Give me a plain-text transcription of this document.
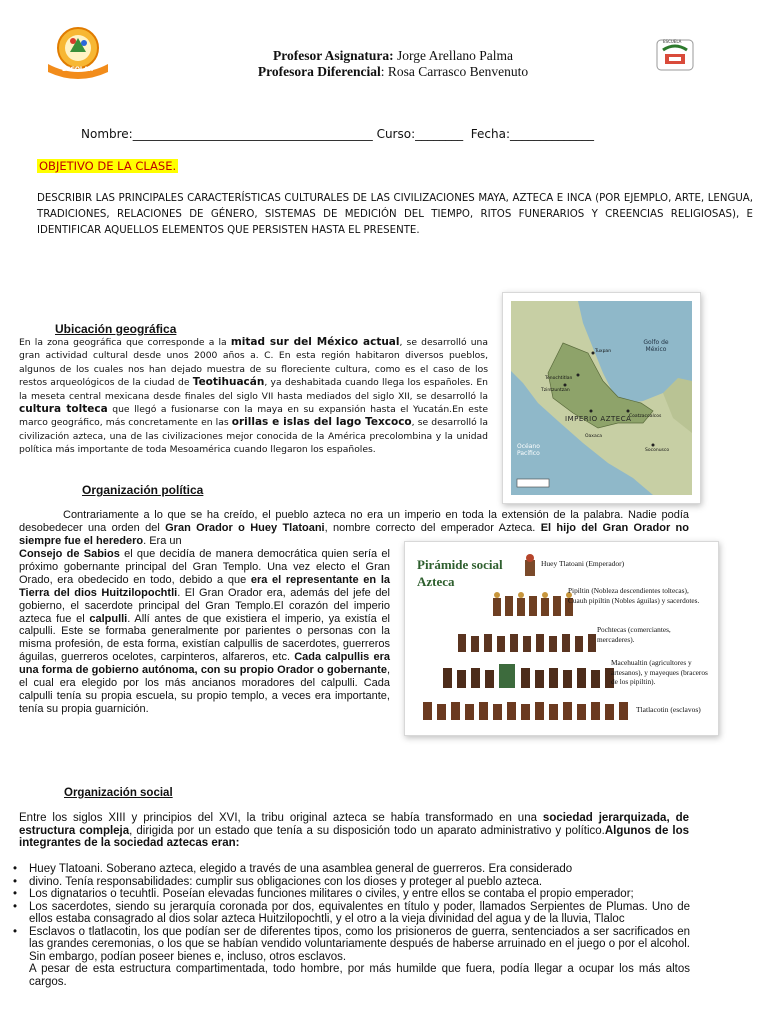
ESCOLAR
ESCUELA
Profesor Asignatura: Jorge Arellano Palma
Profesora Diferencial: Rosa Carrasco Benvenuto
Nombre:________________________________________ Curso:________ Fecha:______________
OBJETIVO DE LA CLASE.
DESCRIBIR LAS PRINCIPALES CARACTERÍSTICAS CULTURALES DE LAS CIVILIZACIONES MAYA, AZTECA E INCA (POR EJEMPLO, ARTE, LENGUA, TRADICIONES, RELACIONES DE GÉNERO, SISTEMAS DE MEDICIÓN DEL TIEMPO, RITOS FUNERARIOS Y CREENCIAS RELIGIOSAS), E IDENTIFICAR AQUELLOS ELEMENTOS QUE PERSISTEN HASTA EL PRESENTE.
Golfo de México
IMPERIO AZTECA
Océano Pacífico
Tuxpan
Tenochtitlan
Oaxaca
Soconusco
Tzintzuntzan
Coatzacoalcos
Ubicación geográfica
En la zona geográfica que corresponde a la mitad sur del México actual, se desarrolló una gran actividad cultural desde unos 2000 años a. C. En esta región habitaron diversos pueblos, algunos de los cuales nos han dejado muestra de su floreciente cultura, como es el caso de los restos arqueológicos de la ciudad de Teotihuacán, ya deshabitada cuando llega los españoles. En la meseta central mexicana desde finales del siglo VII hasta mediados del siglo XII, se desarrolló la cultura tolteca que llegó a fusionarse con la maya en su expansión hasta el Yucatán.En este marco geográfico, más concretamente en las orillas e islas del lago Texcoco, se desarrolló la civilización azteca, una de las civilizaciones mejor conocida de la América precolombina y la unidad política más importante de toda Mesoamérica cuando llegaron los españoles.
Organización política
Contrariamente a lo que se ha creído, el pueblo azteca no era un imperio en toda la extensión de la palabra. Nadie podía desobedecer una orden del Gran Orador o Huey Tlatoani, nombre correcto del emperador Azteca. El hijo del Gran Orador no siempre fue el heredero. Era un
Consejo de Sabios el que decidía de manera democrática quien sería el próximo gobernante principal del Gran Templo. Una vez electo el Gran Orado, era obedecido en todo, debido a que era el representante en la Tierra del dios Huitzilopochtli. El Gran Orador era, además del jefe del gobierno, el sacerdote principal del Gran Templo.El corazón del imperio azteca fue el calpulli. Allí antes de que existiera el imperio, ya existía el calpulli. Este se formaba generalmente por parientes o personas con la misma profesión, de esta forma, existían calpullis de sacerdotes, guerreros águilas, guerreros ocelotes, carpinteros, alfareros, etc. Cada calpullis era una forma de gobierno autónoma, con su propio Orador o gobernante, el cual era elegido por los más ancianos moradores del calpulli. Cada calpulli tenía su propia escuela, su propio templo, a veces era importante, tenía su propia guarnición.
Pirámide social
Azteca
Huey Tlatoani (Emperador)
Pipiltin (Nobleza descendientes toltecas), Cuauh pipiltin (Nobles águilas) y sacerdotes.
Pochtecas (comerciantes, mercaderes).
Macehualtin (agricultores y artesanos), y mayeques (braceros de los pipiltin).
Tlatlacotin (esclavos)
Organización social
Entre los siglos XIII y principios del XVI, la tribu original azteca se había transformado en una sociedad jerarquizada, de estructura compleja, dirigida por un estado que tenía a su disposición todo un aparato administrativo y político.Algunos de los integrantes de la sociedad aztecas eran:
• Huey Tlatoani. Soberano azteca, elegido a través de una asamblea general de guerreros. Era considerado
• divino. Tenía responsabilidades: cumplir sus obligaciones con los dioses y proteger al pueblo azteca.
• Los dignatarios o tecuhtli. Poseían elevadas funciones militares o civiles, y entre ellos se contaba el propio emperador;
• Los sacerdotes, siendo su jerarquía coronada por dos, equivalentes en título y poder, llamados Serpientes de Plumas. Uno de ellos estaba consagrado al dios solar azteca Huitzilopochtli, y el otro a la vieja divinidad del agua y de la lluvia, Tlaloc
• Esclavos o tlatlacotin, los que podían ser de diferentes tipos, como los prisioneros de guerra, sentenciados a ser sacrificados en las grandes ceremonias, o los que se habían vendido voluntariamente después de haberse arruinado en el juego o por el alcohol. Sin embargo, podían poseer bienes e, incluso, otros esclavos.
A pesar de esta estructura compartimentada, todo hombre, por más humilde que fuera, podía llegar a ocupar los más altos cargos.
